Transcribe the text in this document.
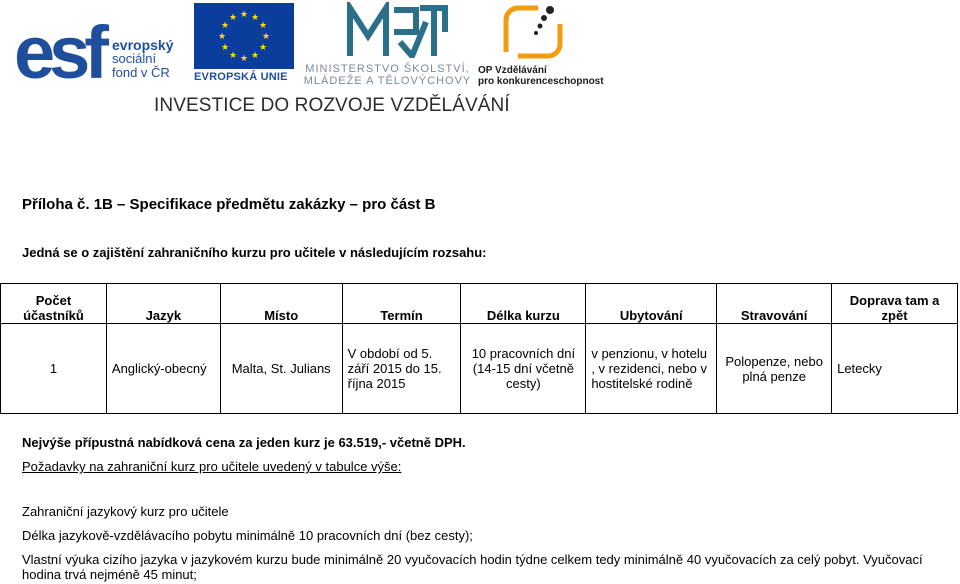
esf evropský
sociální
fond v ČR
★ ★
★
★
★
★
★
★
★
★
★
★
EVROPSKÁ UNIE
MINISTERSTVO ŠKOLSTVÍ,
MLÁDEŽE A TĚLOVÝCHOVY
OP Vzdělávání
pro konkurenceschopnost
INVESTICE DO ROZVOJE VZDĚLÁVÁNÍ
Příloha č. 1B – Specifikace předmětu zakázky – pro část B
Jedná se o zajištění zahraničního kurzu pro učitele v následujícím rozsahu:
Počet účastníků	Jazyk	Místo	Termín	Délka kurzu	Ubytování	Stravování	Doprava tam a zpět
1	Anglický-obecný	Malta, St. Julians	V období od 5. září 2015 do 15. října 2015	10 pracovních dní (14-15 dní včetně cesty)	v penzionu, v hotelu , v rezidenci, nebo v hostitelské rodině	Polopenze, nebo plná penze	Letecky
Nejvýše přípustná nabídková cena za jeden kurz je 63.519,- včetně DPH.
Požadavky na zahraniční kurz pro učitele uvedený v tabulce výše:
Zahraniční jazykový kurz pro učitele
Délka jazykově-vzdělávacího pobytu minimálně 10 pracovních dní (bez cesty);
Vlastní výuka cizího jazyka v jazykovém kurzu bude minimálně 20 vyučovacích hodin týdne celkem tedy minimálně 40 vyučovacích za celý pobyt. Vyučovací hodina trvá nejméně 45 minut;
